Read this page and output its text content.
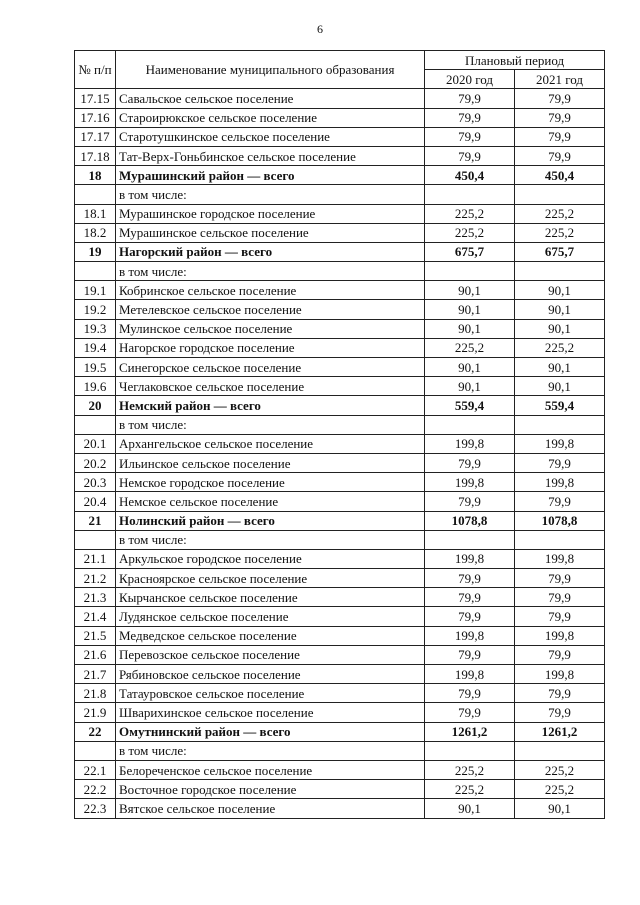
6
№ п/п	Наименование муниципального образования	Плановый период	
		2020 год	2021 год
17.15	Савальское сельское поселение	79,9	79,9
17.16	Староирюкское сельское поселение	79,9	79,9
17.17	Старотушкинское сельское поселение	79,9	79,9
17.18	Тат-Верх-Гоньбинское сельское поселение	79,9	79,9
18	Мурашинский район — всего	450,4	450,4
	в том числе:		
18.1	Мурашинское городское поселение	225,2	225,2
18.2	Мурашинское сельское поселение	225,2	225,2
19	Нагорский район — всего	675,7	675,7
	в том числе:		
19.1	Кобринское сельское поселение	90,1	90,1
19.2	Метелевское сельское поселение	90,1	90,1
19.3	Мулинское сельское поселение	90,1	90,1
19.4	Нагорское городское поселение	225,2	225,2
19.5	Синегорское сельское поселение	90,1	90,1
19.6	Чеглаковское сельское поселение	90,1	90,1
20	Немский район — всего	559,4	559,4
	в том числе:		
20.1	Архангельское сельское поселение	199,8	199,8
20.2	Ильинское сельское поселение	79,9	79,9
20.3	Немское городское поселение	199,8	199,8
20.4	Немское сельское поселение	79,9	79,9
21	Нолинский район — всего	1078,8	1078,8
	в том числе:		
21.1	Аркульское городское поселение	199,8	199,8
21.2	Красноярское сельское поселение	79,9	79,9
21.3	Кырчанское сельское поселение	79,9	79,9
21.4	Лудянское сельское поселение	79,9	79,9
21.5	Медведское сельское поселение	199,8	199,8
21.6	Перевозское сельское поселение	79,9	79,9
21.7	Рябиновское сельское поселение	199,8	199,8
21.8	Татауровское сельское поселение	79,9	79,9
21.9	Шварихинское сельское поселение	79,9	79,9
22	Омутнинский район — всего	1261,2	1261,2
	в том числе:		
22.1	Белореченское сельское поселение	225,2	225,2
22.2	Восточное городское поселение	225,2	225,2
22.3	Вятское сельское поселение	90,1	90,1
